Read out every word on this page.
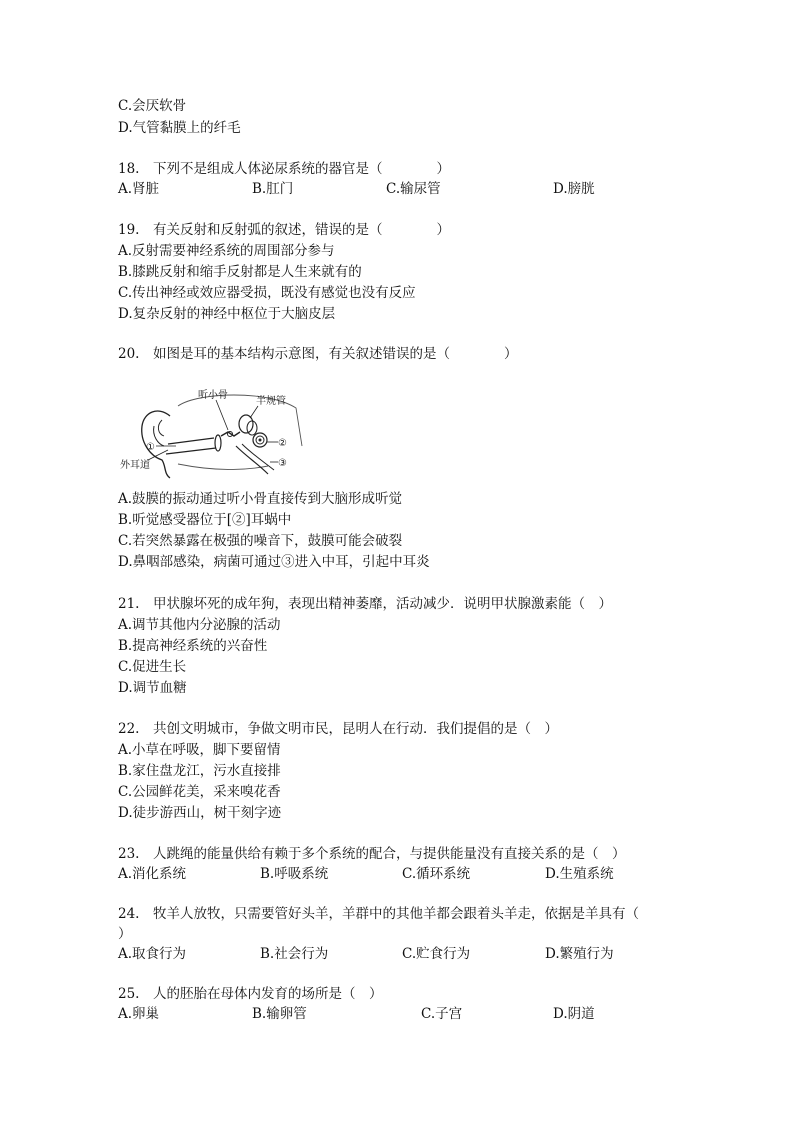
C.会厌软骨
D.气管黏膜上的纤毛
18.　下列不是组成人体泌尿系统的器官是（　　　　）
A.肾脏	B.肛门	C.输尿管	D.膀胱
19.　有关反射和反射弧的叙述，错误的是（　　　　）
A.反射需要神经系统的周围部分参与
B.膝跳反射和缩手反射都是人生来就有的
C.传出神经或效应器受损，既没有感觉也没有反应
D.复杂反射的神经中枢位于大脑皮层
20.　如图是耳的基本结构示意图，有关叙述错误的是（　　　　）
听小骨
半规管
①	②
③
外耳道
A.鼓膜的振动通过听小骨直接传到大脑形成听觉
B.听觉感受器位于[②]耳蜗中
C.若突然暴露在极强的噪音下，鼓膜可能会破裂
D.鼻咽部感染，病菌可通过③进入中耳，引起中耳炎
21.　甲状腺坏死的成年狗，表现出精神萎靡，活动减少．说明甲状腺激素能（　）
A.调节其他内分泌腺的活动
B.提高神经系统的兴奋性
C.促进生长
D.调节血糖
22.　共创文明城市，争做文明市民，昆明人在行动．我们提倡的是（　）
A.小草在呼吸，脚下要留情
B.家住盘龙江，污水直接排
C.公园鲜花美，采来嗅花香
D.徒步游西山，树干刻字迹
23.　人跳绳的能量供给有赖于多个系统的配合，与提供能量没有直接关系的是（　）
A.消化系统	B.呼吸系统	C.循环系统	D.生殖系统
24.　牧羊人放牧，只需要管好头羊，羊群中的其他羊都会跟着头羊走，依据是羊具有（
）
A.取食行为	B.社会行为	C.贮食行为	D.繁殖行为
25.　人的胚胎在母体内发育的场所是（　）
A.卵巢	B.输卵管	C.子宫	D.阴道
